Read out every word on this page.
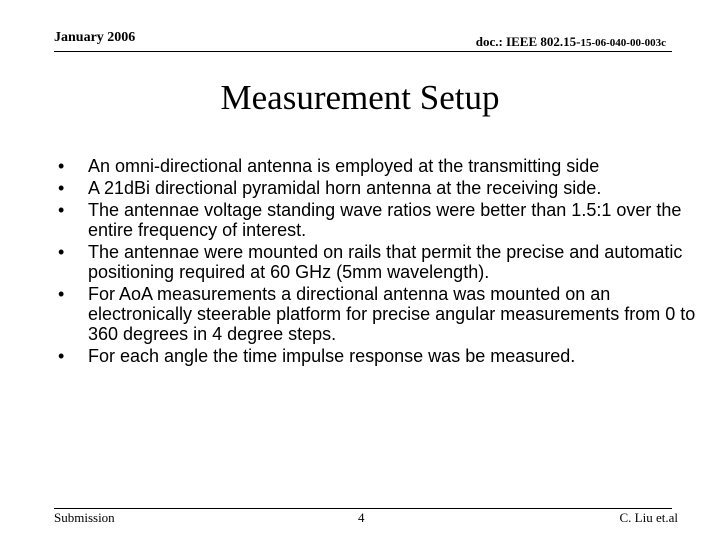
January 2006	doc.: IEEE 802.15-15-06-040-00-003c
Measurement Setup
•	An omni-directional antenna is employed at the transmitting side
•	A 21dBi directional pyramidal horn antenna at the receiving side.
•	The antennae voltage standing wave ratios were better than 1.5:1 over the entire frequency of interest.
•	The antennae were mounted on rails that permit the precise and automatic positioning required at 60 GHz (5mm wavelength).
•	For AoA measurements a directional antenna was mounted on an electronically steerable platform for precise angular measurements from 0 to 360 degrees in 4 degree steps.
•	For each angle the time impulse response was be measured.
Submission	4	C. Liu et.al
